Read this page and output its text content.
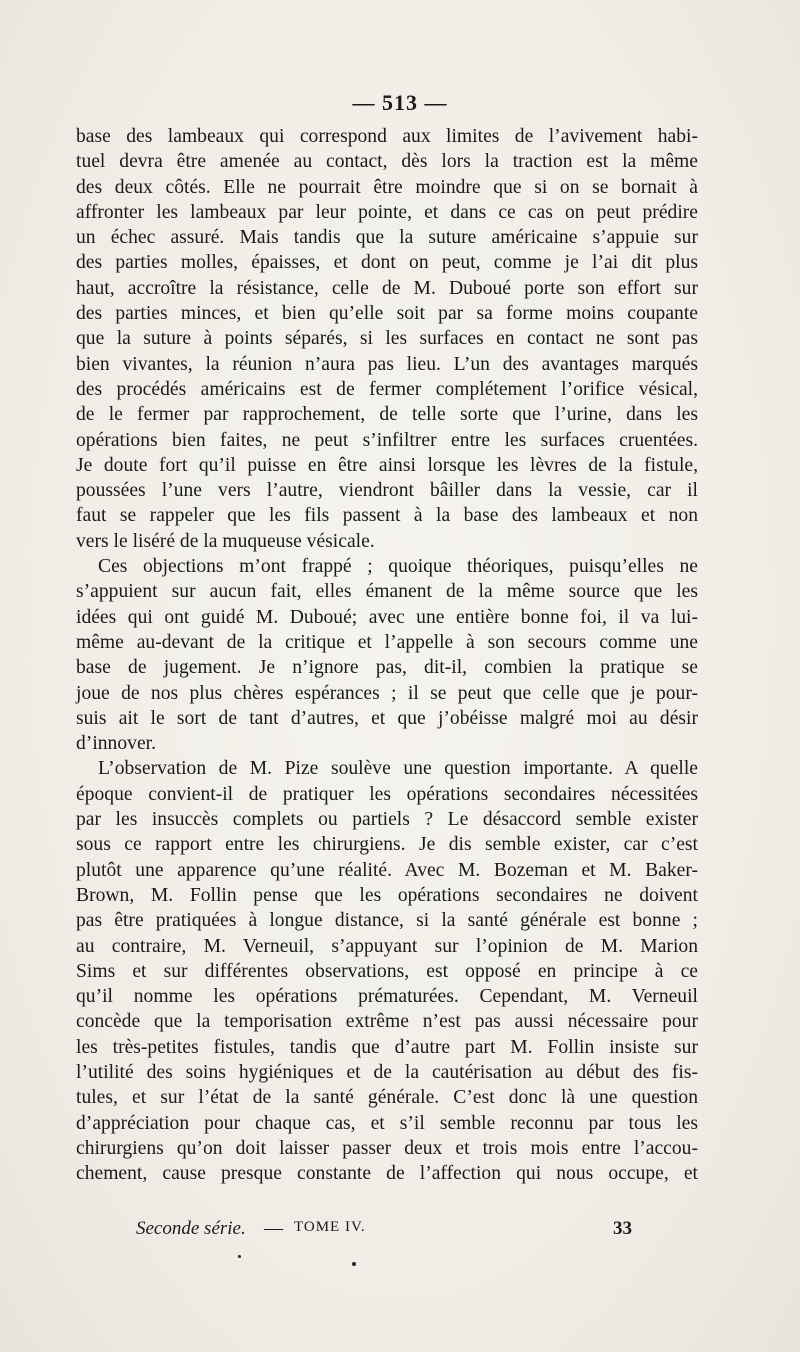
— 513 —
base des lambeaux qui correspond aux limites de l’avivement habi-
tuel devra être amenée au contact, dès lors la traction est la même
des deux côtés. Elle ne pourrait être moindre que si on se bornait à
affronter les lambeaux par leur pointe, et dans ce cas on peut prédire
un échec assuré. Mais tandis que la suture américaine s’appuie sur
des parties molles, épaisses, et dont on peut, comme je l’ai dit plus
haut, accroître la résistance, celle de M. Duboué porte son effort sur
des parties minces, et bien qu’elle soit par sa forme moins coupante
que la suture à points séparés, si les surfaces en contact ne sont pas
bien vivantes, la réunion n’aura pas lieu. L’un des avantages marqués
des procédés américains est de fermer complétement l’orifice vésical,
de le fermer par rapprochement, de telle sorte que l’urine, dans les
opérations bien faites, ne peut s’infiltrer entre les surfaces cruentées.
Je doute fort qu’il puisse en être ainsi lorsque les lèvres de la fistule,
poussées l’une vers l’autre, viendront bâiller dans la vessie, car il
faut se rappeler que les fils passent à la base des lambeaux et non
vers le liséré de la muqueuse vésicale.
Ces objections m’ont frappé ; quoique théoriques, puisqu’elles ne
s’appuient sur aucun fait, elles émanent de la même source que les
idées qui ont guidé M. Duboué; avec une entière bonne foi, il va lui-
même au-devant de la critique et l’appelle à son secours comme une
base de jugement. Je n’ignore pas, dit-il, combien la pratique se
joue de nos plus chères espérances ; il se peut que celle que je pour-
suis ait le sort de tant d’autres, et que j’obéisse malgré moi au désir
d’innover.
L’observation de M. Pize soulève une question importante. A quelle
époque convient-il de pratiquer les opérations secondaires nécessitées
par les insuccès complets ou partiels ? Le désaccord semble exister
sous ce rapport entre les chirurgiens. Je dis semble exister, car c’est
plutôt une apparence qu’une réalité. Avec M. Bozeman et M. Baker-
Brown, M. Follin pense que les opérations secondaires ne doivent
pas être pratiquées à longue distance, si la santé générale est bonne ;
au contraire, M. Verneuil, s’appuyant sur l’opinion de M. Marion
Sims et sur différentes observations, est opposé en principe à ce
qu’il nomme les opérations prématurées. Cependant, M. Verneuil
concède que la temporisation extrême n’est pas aussi nécessaire pour
les très-petites fistules, tandis que d’autre part M. Follin insiste sur
l’utilité des soins hygiéniques et de la cautérisation au début des fis-
tules, et sur l’état de la santé générale. C’est donc là une question
d’appréciation pour chaque cas, et s’il semble reconnu par tous les
chirurgiens qu’on doit laisser passer deux et trois mois entre l’accou-
chement, cause presque constante de l’affection qui nous occupe, et
Seconde série. — TOME IV.	33
